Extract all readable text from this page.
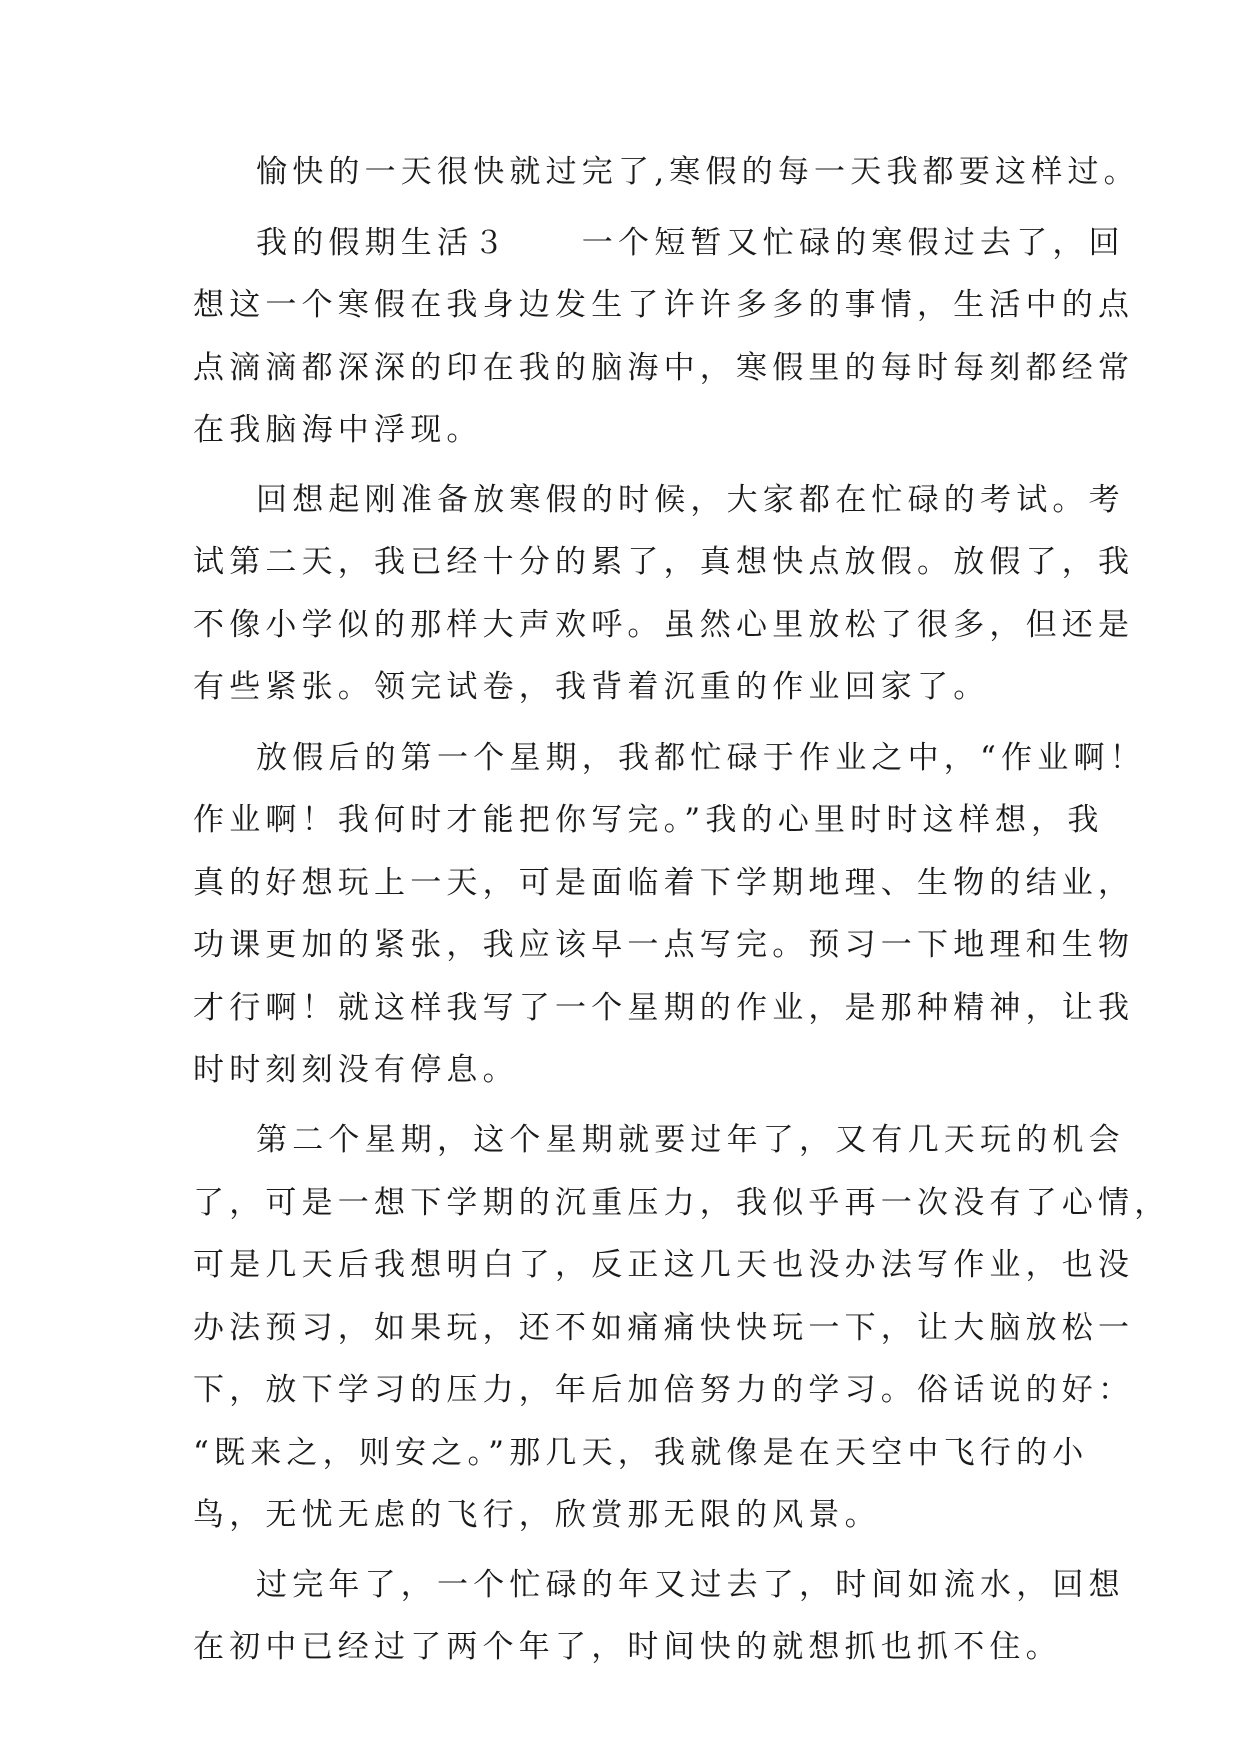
愉快的一天很快就过完了,寒假的每一天我都要这样过。
我的假期生活３　　一个短暂又忙碌的寒假过去了，回
想这一个寒假在我身边发生了许许多多的事情，生活中的点
点滴滴都深深的印在我的脑海中，寒假里的每时每刻都经常
在我脑海中浮现。
回想起刚准备放寒假的时候，大家都在忙碌的考试。考
试第二天，我已经十分的累了，真想快点放假。放假了，我
不像小学似的那样大声欢呼。虽然心里放松了很多，但还是
有些紧张。领完试卷，我背着沉重的作业回家了。
放假后的第一个星期，我都忙碌于作业之中，“作业啊！
作业啊！我何时才能把你写完。”我的心里时时这样想，我
真的好想玩上一天，可是面临着下学期地理、生物的结业，
功课更加的紧张，我应该早一点写完。预习一下地理和生物
才行啊！就这样我写了一个星期的作业，是那种精神，让我
时时刻刻没有停息。
第二个星期，这个星期就要过年了，又有几天玩的机会
了，可是一想下学期的沉重压力，我似乎再一次没有了心情，
可是几天后我想明白了，反正这几天也没办法写作业，也没
办法预习，如果玩，还不如痛痛快快玩一下，让大脑放松一
下，放下学习的压力，年后加倍努力的学习。俗话说的好：
“既来之，则安之。”那几天，我就像是在天空中飞行的小
鸟，无忧无虑的飞行，欣赏那无限的风景。
过完年了，一个忙碌的年又过去了，时间如流水，回想
在初中已经过了两个年了，时间快的就想抓也抓不住。
